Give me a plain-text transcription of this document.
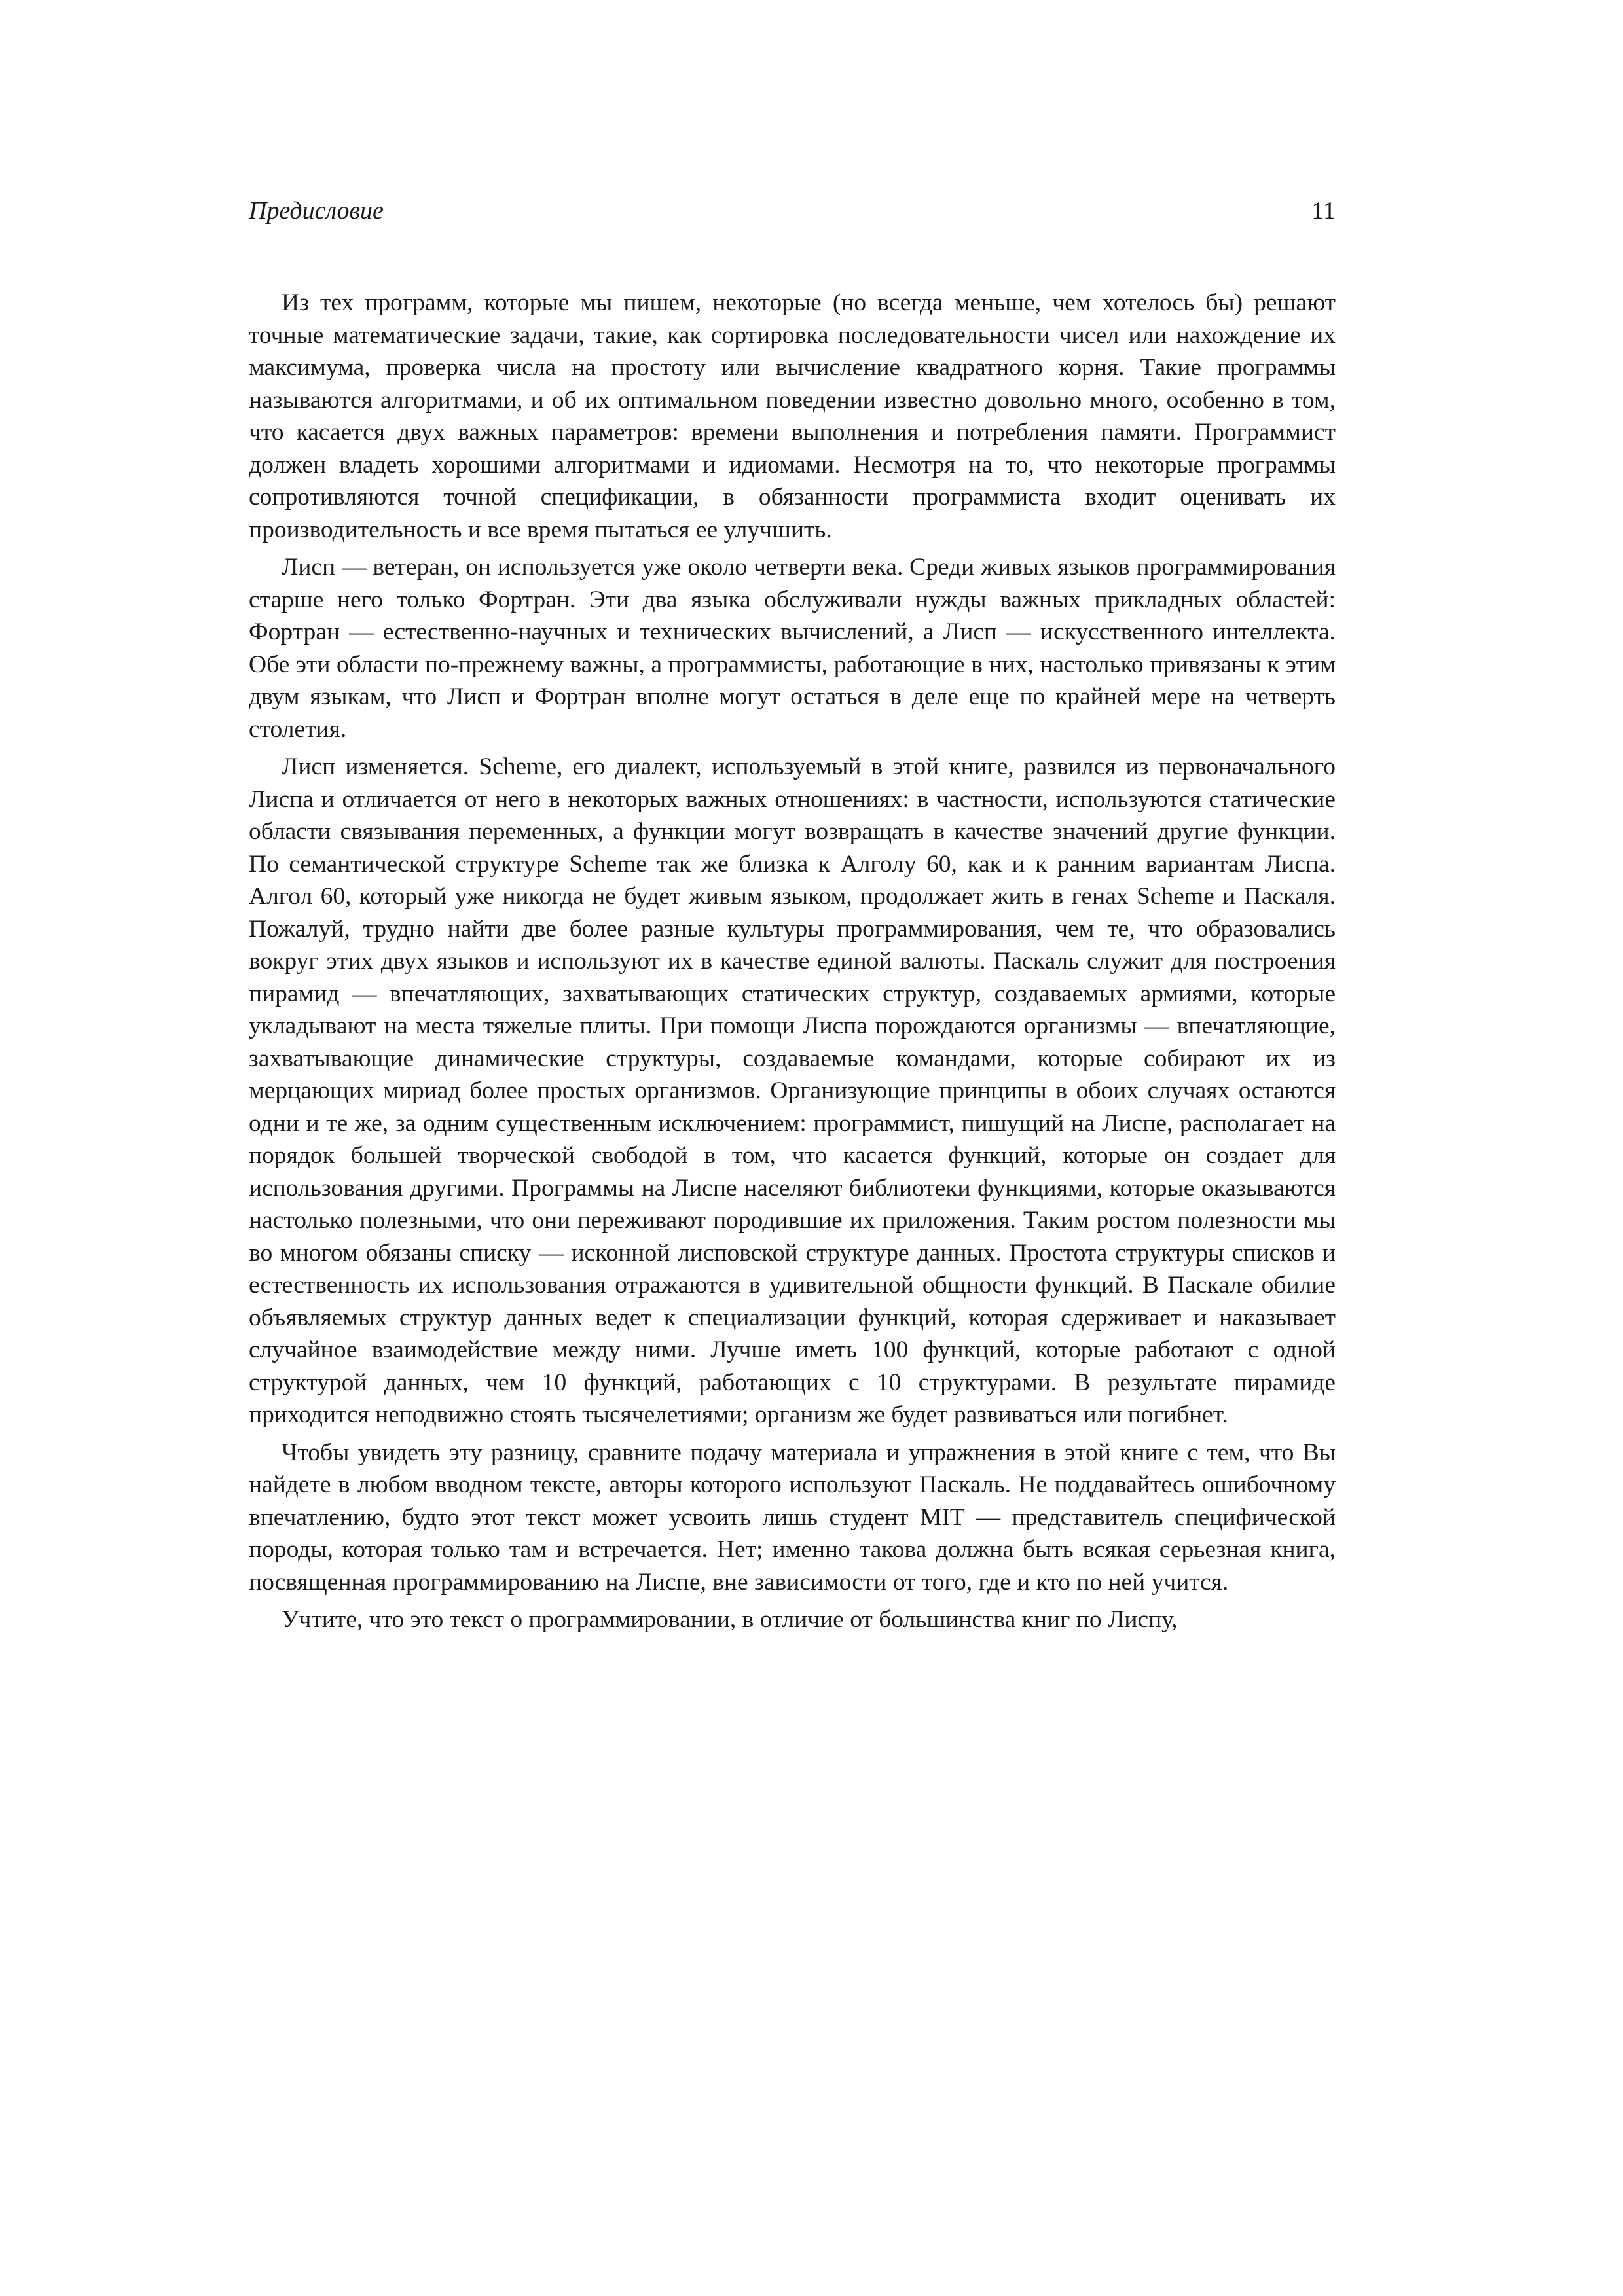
Предисловие	11

Из тех программ, которые мы пишем, некоторые (но всегда меньше, чем хотелось бы) решают точные математические задачи, такие, как сортировка последовательности чисел или нахождение их максимума, проверка числа на простоту или вычисление квадратного корня. Такие программы называются алгоритмами, и об их оптимальном поведении известно довольно много, особенно в том, что касается двух важных параметров: времени выполнения и потребления памяти. Программист должен владеть хорошими алгоритмами и идиомами. Несмотря на то, что некоторые программы сопротивляются точной спецификации, в обязанности программиста входит оценивать их производительность и все время пытаться ее улучшить.

Лисп — ветеран, он используется уже около четверти века. Среди живых языков программирования старше него только Фортран. Эти два языка обслуживали нужды важных прикладных областей: Фортран — естественно-научных и технических вычислений, а Лисп — искусственного интеллекта. Обе эти области по-прежнему важны, а программисты, работающие в них, настолько привязаны к этим двум языкам, что Лисп и Фортран вполне могут остаться в деле еще по крайней мере на четверть столетия.

Лисп изменяется. Scheme, его диалект, используемый в этой книге, развился из первоначального Лиспа и отличается от него в некоторых важных отношениях: в частности, используются статические области связывания переменных, а функции могут возвращать в качестве значений другие функции. По семантической структуре Scheme так же близка к Алголу 60, как и к ранним вариантам Лиспа. Алгол 60, который уже никогда не будет живым языком, продолжает жить в генах Scheme и Паскаля. Пожалуй, трудно найти две более разные культуры программирования, чем те, что образовались вокруг этих двух языков и используют их в качестве единой валюты. Паскаль служит для построения пирамид — впечатляющих, захватывающих статических структур, создаваемых армиями, которые укладывают на места тяжелые плиты. При помощи Лиспа порождаются организмы — впечатляющие, захватывающие динамические структуры, создаваемые командами, которые собирают их из мерцающих мириад более простых организмов. Организующие принципы в обоих случаях остаются одни и те же, за одним существенным исключением: программист, пишущий на Лиспе, располагает на порядок большей творческой свободой в том, что касается функций, которые он создает для использования другими. Программы на Лиспе населяют библиотеки функциями, которые оказываются настолько полезными, что они переживают породившие их приложения. Таким ростом полезности мы во многом обязаны списку — исконной лисповской структуре данных. Простота структуры списков и естественность их использования отражаются в удивительной общности функций. В Паскале обилие объявляемых структур данных ведет к специализации функций, которая сдерживает и наказывает случайное взаимодействие между ними. Лучше иметь 100 функций, которые работают с одной структурой данных, чем 10 функций, работающих с 10 структурами. В результате пирамиде приходится неподвижно стоять тысячелетиями; организм же будет развиваться или погибнет.

Чтобы увидеть эту разницу, сравните подачу материала и упражнения в этой книге с тем, что Вы найдете в любом вводном тексте, авторы которого используют Паскаль. Не поддавайтесь ошибочному впечатлению, будто этот текст может усвоить лишь студент MIT — представитель специфической породы, которая только там и встречается. Нет; именно такова должна быть всякая серьезная книга, посвященная программированию на Лиспе, вне зависимости от того, где и кто по ней учится.

Учтите, что это текст о программировании, в отличие от большинства книг по Лиспу,
